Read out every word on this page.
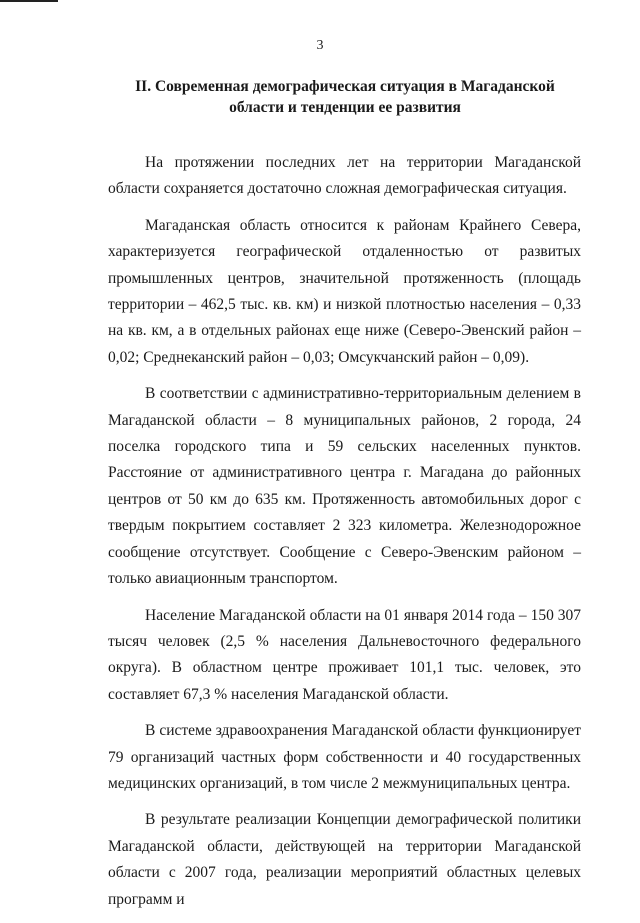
3
II. Современная демографическая ситуация в Магаданской области и тенденции ее развития

На протяжении последних лет на территории Магаданской области сохраняется достаточно сложная демографическая ситуация.

Магаданская область относится к районам Крайнего Севера, характеризуется географической отдаленностью от развитых промышленных центров, значительной протяженность (площадь территории – 462,5 тыс. кв. км) и низкой плотностью населения – 0,33 на кв. км, а в отдельных районах еще ниже (Северо-Эвенский район – 0,02; Среднеканский район – 0,03; Омсукчанский район – 0,09).

В соответствии с административно-территориальным делением в Магаданской области – 8 муниципальных районов, 2 города, 24 поселка городского типа и 59 сельских населенных пунктов. Расстояние от административного центра г. Магадана до районных центров от 50 км до 635 км. Протяженность автомобильных дорог с твердым покрытием составляет 2 323 километра. Железнодорожное сообщение отсутствует. Сообщение с Северо-Эвенским районом – только авиационным транспортом.

Население Магаданской области на 01 января 2014 года – 150 307 тысяч человек (2,5 % населения Дальневосточного федерального округа). В областном центре проживает 101,1 тыс. человек, это составляет 67,3 % населения Магаданской области.

В системе здравоохранения Магаданской области функционирует 79 организаций частных форм собственности и 40 государственных медицинских организаций, в том числе 2 межмуниципальных центра.

В результате реализации Концепции демографической политики Магаданской области, действующей на территории Магаданской области с 2007 года, реализации мероприятий областных целевых программ и
